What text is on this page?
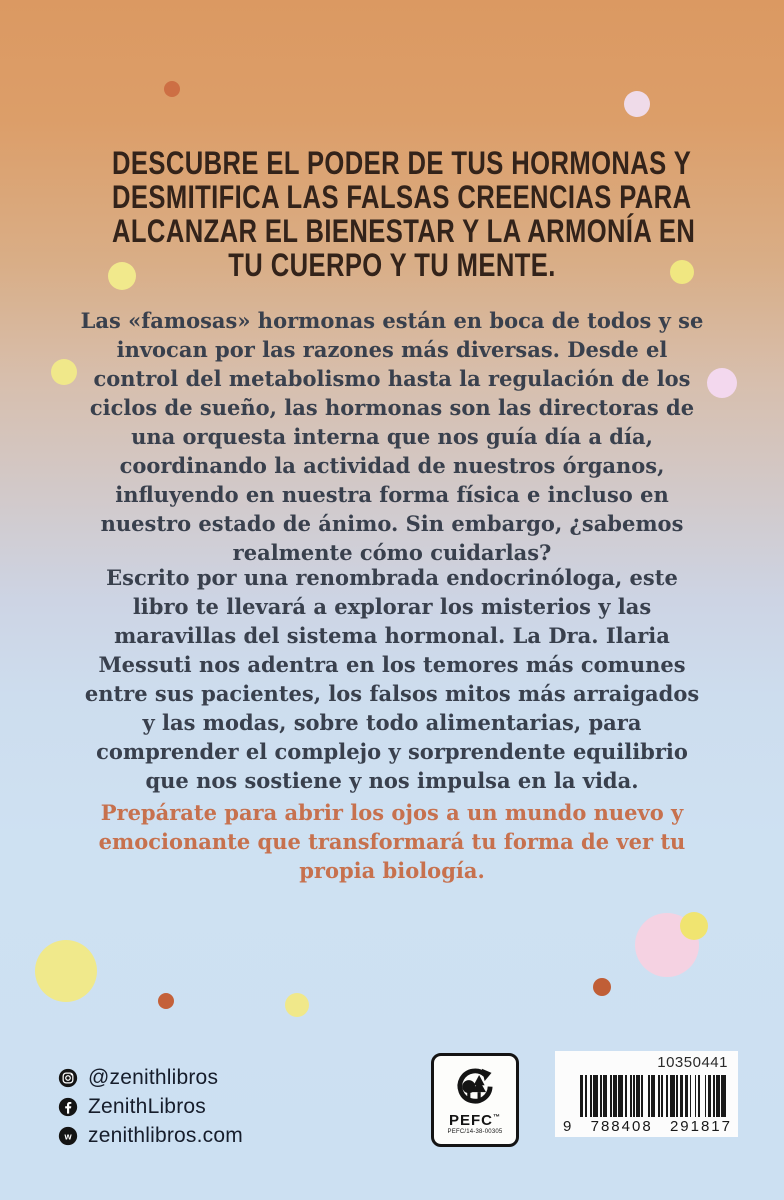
DESCUBRE EL PODER DE TUS HORMONAS Y
DESMITIFICA LAS FALSAS CREENCIAS PARA
ALCANZAR EL BIENESTAR Y LA ARMONÍA EN
TU CUERPO Y TU MENTE.
Las «famosas» hormonas están en boca de todos y se invocan por las razones más diversas. Desde el control del metabolismo hasta la regulación de los ciclos de sueño, las hormonas son las directoras de una orquesta interna que nos guía día a día, coordinando la actividad de nuestros órganos, influyendo en nuestra forma física e incluso en nuestro estado de ánimo. Sin embargo, ¿sabemos realmente cómo cuidarlas?
Escrito por una renombrada endocrinóloga, este libro te llevará a explorar los misterios y las maravillas del sistema hormonal. La Dra. Ilaria Messuti nos adentra en los temores más comunes entre sus pacientes, los falsos mitos más arraigados y las modas, sobre todo alimentarias, para comprender el complejo y sorprendente equilibrio que nos sostiene y nos impulsa en la vida.
Prepárate para abrir los ojos a un mundo nuevo y emocionante que transformará tu forma de ver tu propia biología.
@zenithlibros
ZenithLibros
w zenithlibros.com
PEFC™
PEFC/14-38-00305
10350441
9 788408 291817
